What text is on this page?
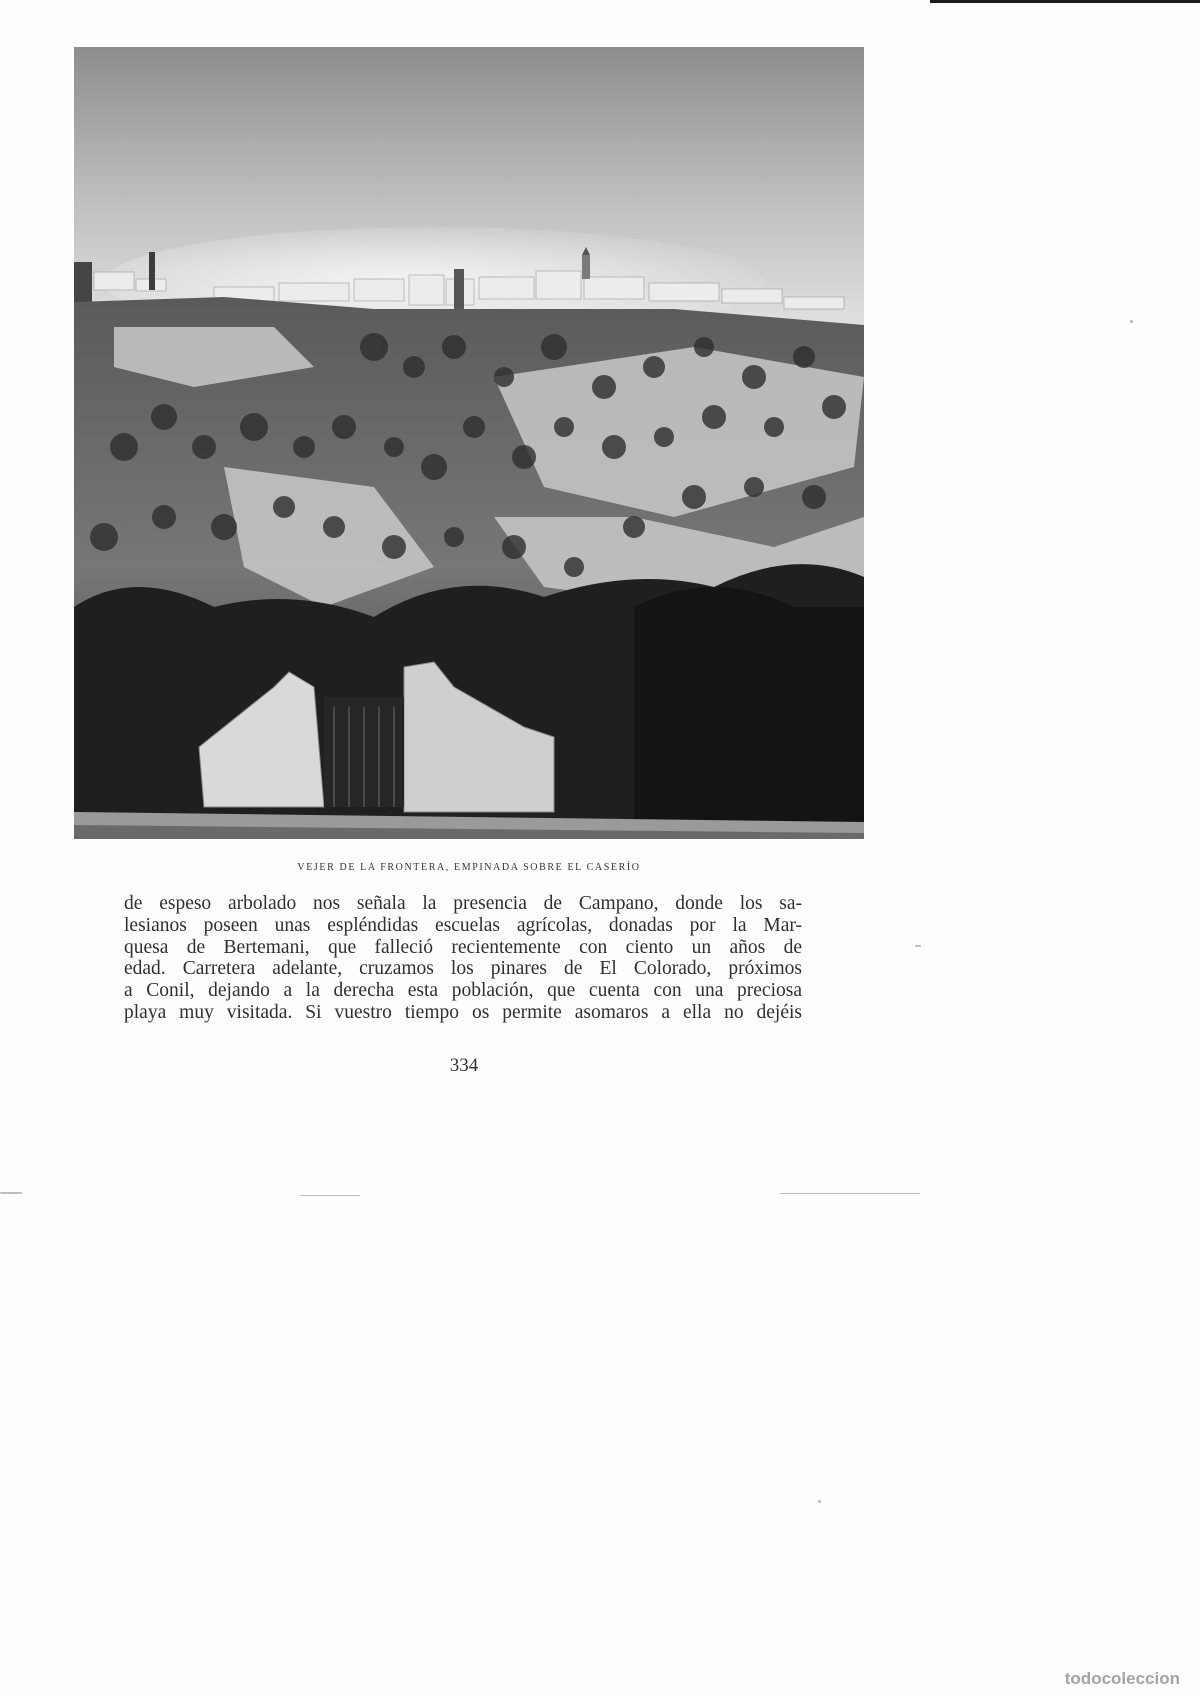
VEJER DE LA FRONTERA, EMPINADA SOBRE EL CASERÍO

de espeso arbolado nos señala la presencia de Campano, donde los sa-

lesianos poseen unas espléndidas escuelas agrícolas, donadas por la Mar-

quesa de Bertemani, que falleció recientemente con ciento un años de

edad. Carretera adelante, cruzamos los pinares de El Colorado, próximos

a Conil, dejando a la derecha esta población, que cuenta con una preciosa

playa muy visitada. Si vuestro tiempo os permite asomaros a ella no dejéis

334
todocoleccion
